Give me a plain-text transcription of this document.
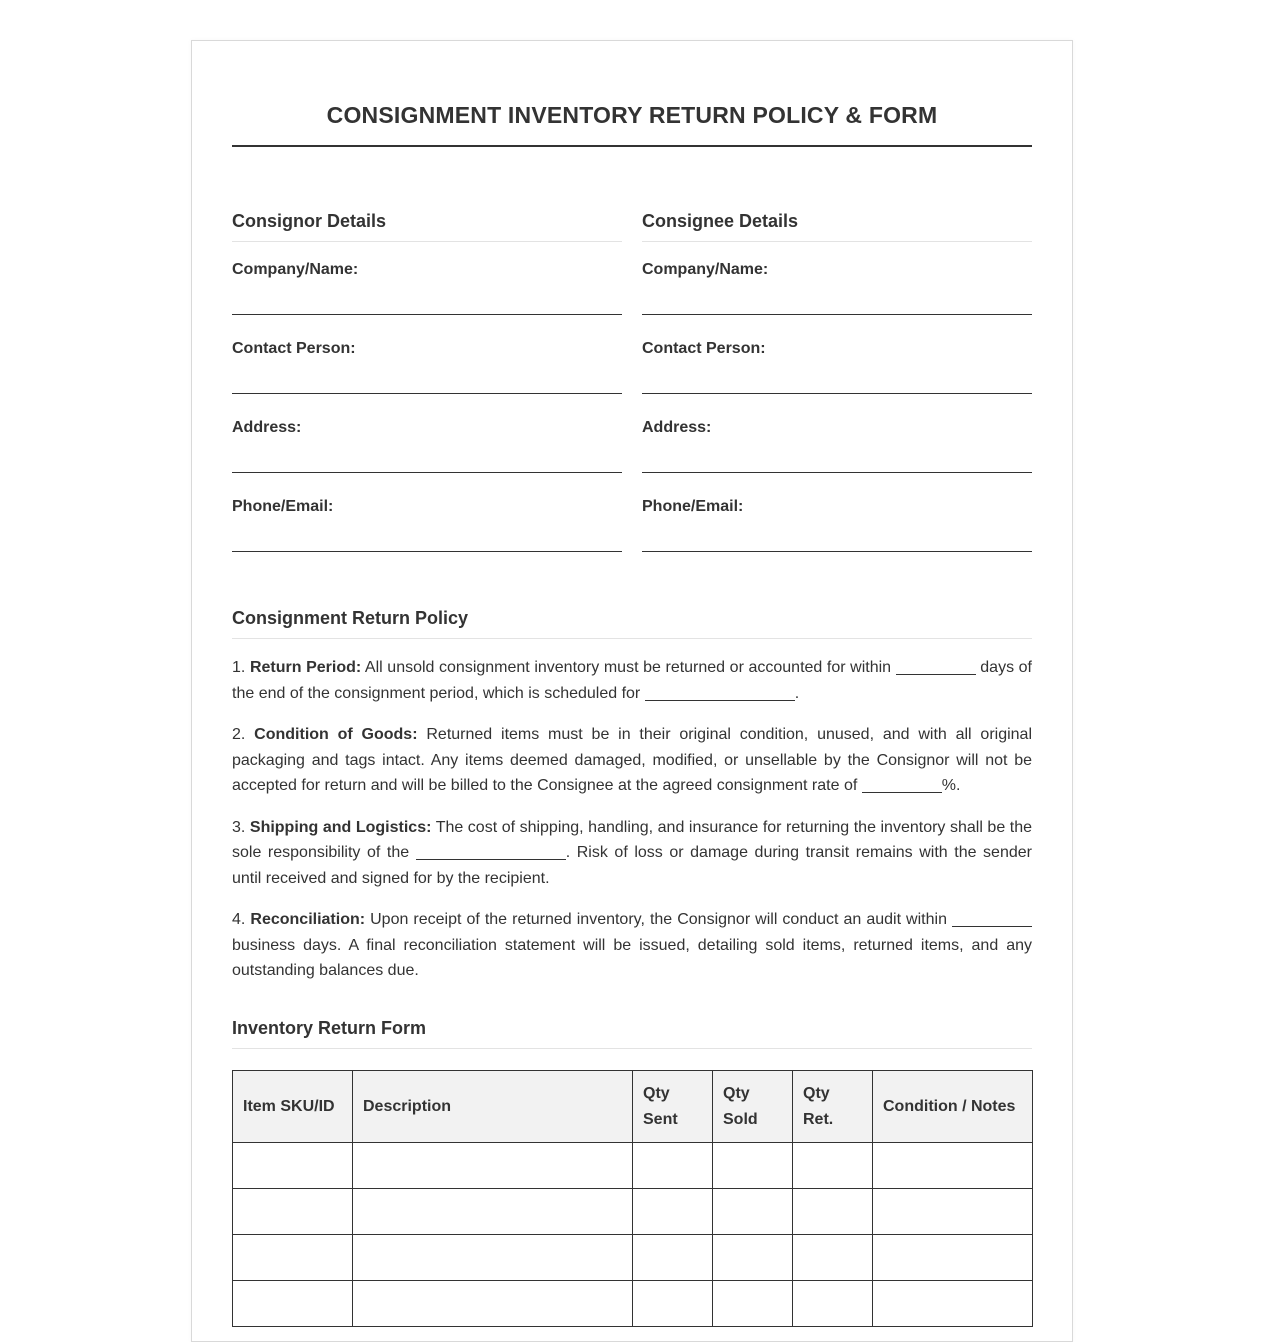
CONSIGNMENT INVENTORY RETURN POLICY & FORM
Consignor Details
Company/Name:
Contact Person:
Address:
Phone/Email:
Consignee Details
Company/Name:
Contact Person:
Address:
Phone/Email:
Consignment Return Policy

1. Return Period: All unsold consignment inventory must be returned or accounted for within	days of the end of the consignment period, which is scheduled for	.

2. Condition of Goods: Returned items must be in their original condition, unused, and with all original packaging and tags intact. Any items deemed damaged, modified, or unsellable by the Consignor will not be accepted for return and will be billed to the Consignee at the agreed consignment rate of	%.

3. Shipping and Logistics: The cost of shipping, handling, and insurance for returning the inventory shall be the sole responsibility of the	. Risk of loss or damage during transit remains with the sender until received and signed for by the recipient.

4. Reconciliation: Upon receipt of the returned inventory, the Consignor will conduct an audit within  business days. A final reconciliation statement will be issued, detailing sold items, returned items, and any outstanding balances due.

Inventory Return Form
Item SKU/ID	Description	Qty Sent	Qty Sold	Qty Ret.	Condition / Notes
